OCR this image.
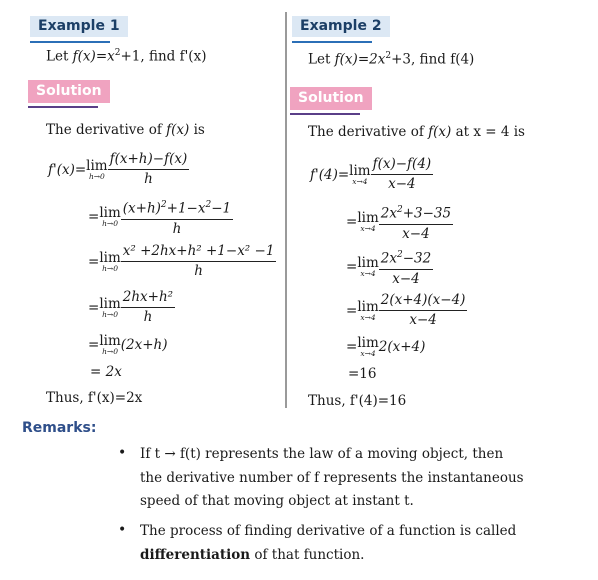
Example 1
Let $f(x)=x^2+1$, find f'(x)
Solution
The derivative of f(x) is
f'(x)= lim
$h\to 0 \frac{f(x+h)-f(x)}{h}$
= lim
$h\to 0 \frac{(x+h)^2+1-x^2-1}{h}$
= lim
$h\to 0 \frac{\text{x² +2hx+h² +1−x² −1}}{h}$
= lim
$h\to 0 \frac{\text{2hx+h²}}{h}$
= lim
h→0 (2x+h)
= 2x
Thus, f'(x)=2x
Example 2
Let $f(x)=2x^2+3$, find f(4)
Solution
The derivative of f(x) at x = 4 is
f'(4)= lim
$x\to 4 \frac{f(x)-f(4)}{x-4}$
= lim
$x\to 4 \frac{2x^2+3-35}{x-4}$
= lim
$x\to 4 \frac{2x^2-32}{x-4}$
= lim
$x\to 4 \frac{2(x+4)(x-4)}{x-4}$
= lim
x→4 2(x+4)
=16
Thus, f'(4)=16
Remarks:
• If t → f(t) represents the law of a moving object, then
the derivative number of f represents the instantaneous
speed of that moving object at instant t.
• The process of finding derivative of a function is called
differentiation of that function.
